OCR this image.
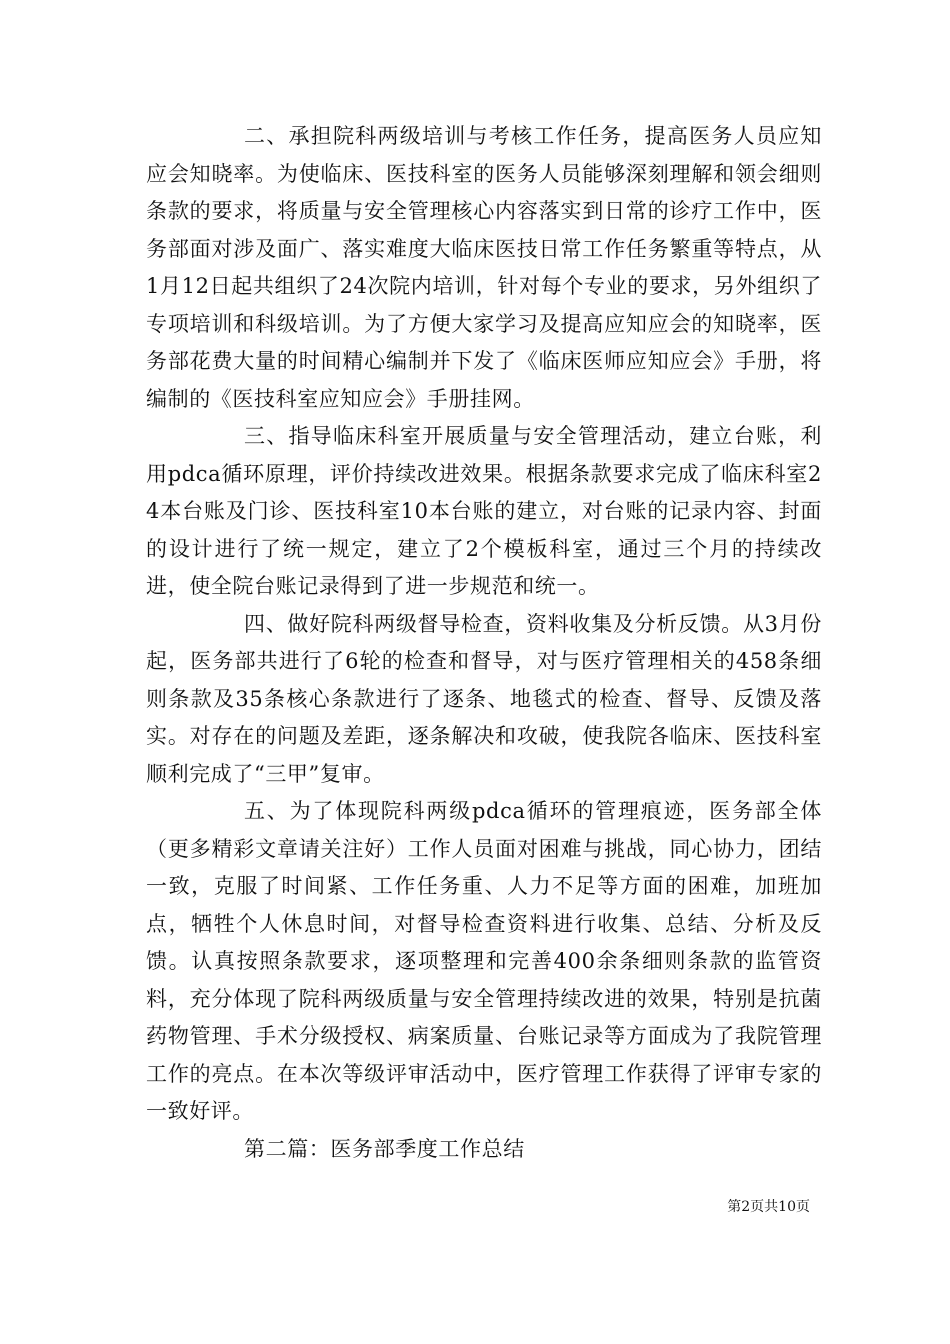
二、承担院科两级培训与考核工作任务，提高医务人员应知应会知晓率。为使临床、医技科室的医务人员能够深刻理解和领会细则条款的要求，将质量与安全管理核心内容落实到日常的诊疗工作中，医务部面对涉及面广、落实难度大临床医技日常工作任务繁重等特点，从1月12日起共组织了24次院内培训，针对每个专业的要求，另外组织了专项培训和科级培训。为了方便大家学习及提高应知应会的知晓率，医务部花费大量的时间精心编制并下发了《临床医师应知应会》手册，将编制的《医技科室应知应会》手册挂网。

三、指导临床科室开展质量与安全管理活动，建立台账，利用pdca循环原理，评价持续改进效果。根据条款要求完成了临床科室24本台账及门诊、医技科室10本台账的建立，对台账的记录内容、封面的设计进行了统一规定，建立了2个模板科室，通过三个月的持续改进，使全院台账记录得到了进一步规范和统一。

四、做好院科两级督导检查，资料收集及分析反馈。从3月份起，医务部共进行了6轮的检查和督导，对与医疗管理相关的458条细则条款及35条核心条款进行了逐条、地毯式的检查、督导、反馈及落实。对存在的问题及差距，逐条解决和攻破，使我院各临床、医技科室顺利完成了“三甲”复审。

五、为了体现院科两级pdca循环的管理痕迹，医务部全体（更多精彩文章请关注好）工作人员面对困难与挑战，同心协力，团结一致，克服了时间紧、工作任务重、人力不足等方面的困难，加班加点，牺牲个人休息时间，对督导检查资料进行收集、总结、分析及反馈。认真按照条款要求，逐项整理和完善400余条细则条款的监管资料，充分体现了院科两级质量与安全管理持续改进的效果，特别是抗菌药物管理、手术分级授权、病案质量、台账记录等方面成为了我院管理工作的亮点。在本次等级评审活动中，医疗管理工作获得了评审专家的一致好评。

第二篇：医务部季度工作总结

第2页共10页
